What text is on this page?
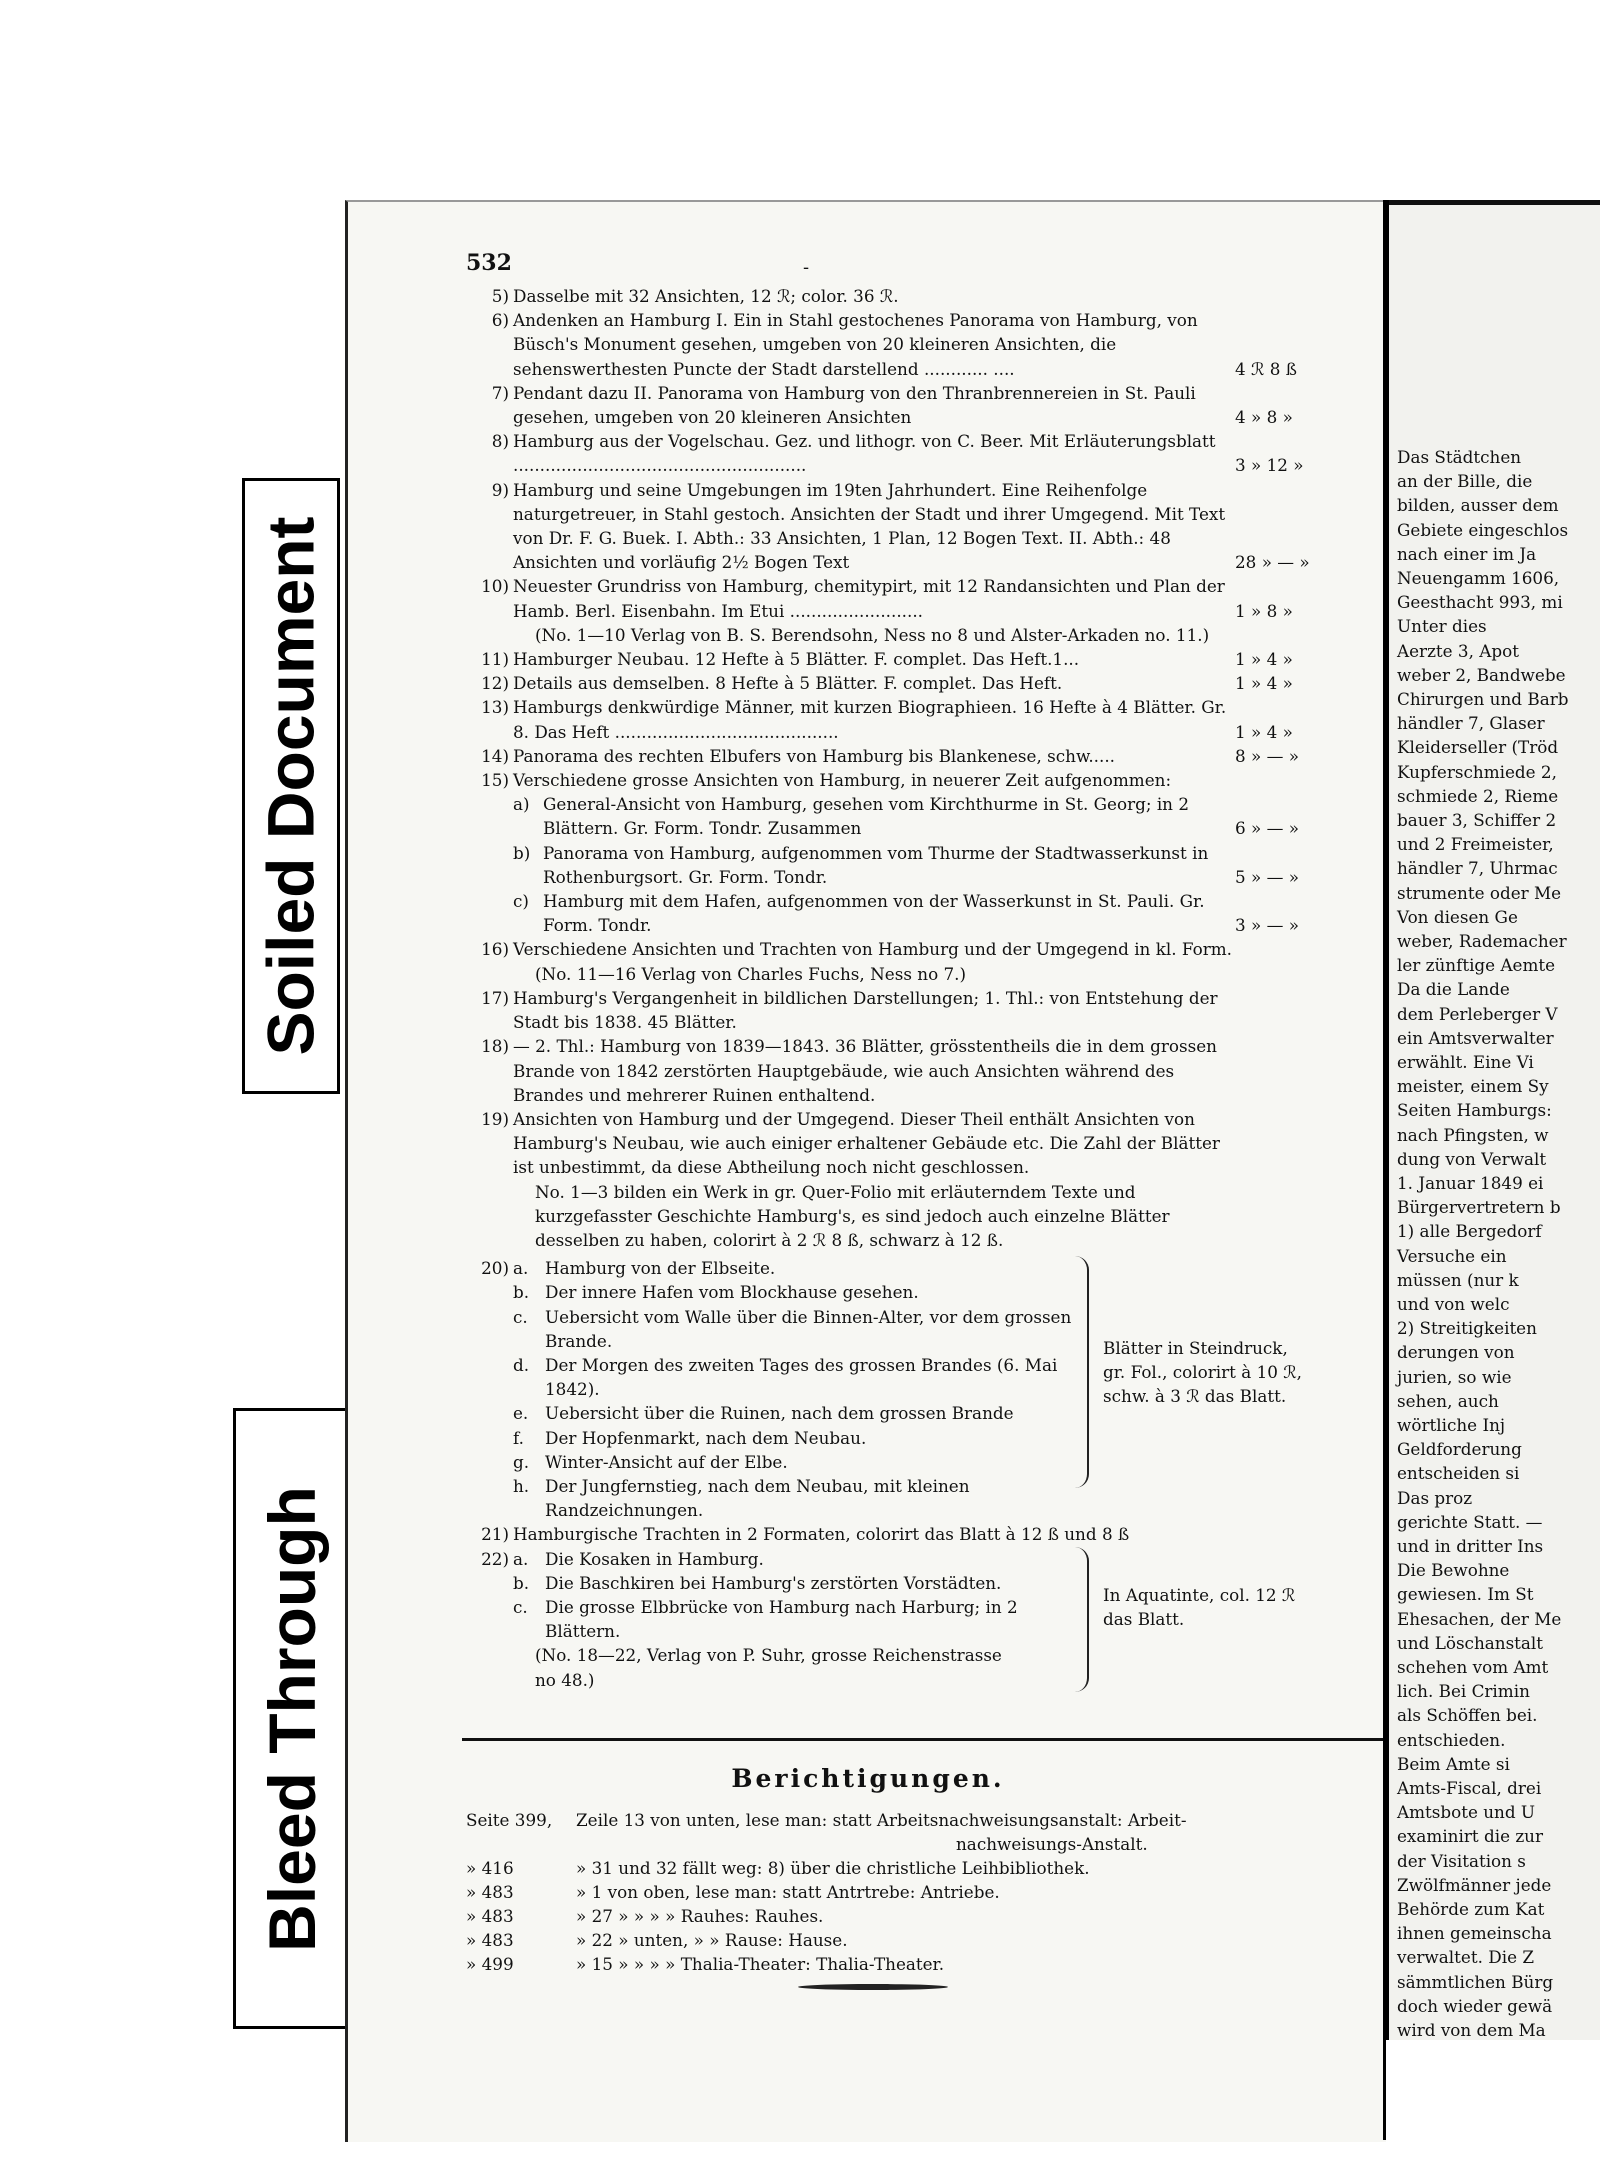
Soiled Document
Bleed Through
532	-
5) Dasselbe mit 32 Ansichten, 12 ℛ; color. 36 ℛ.
6) Andenken an Hamburg I. Ein in Stahl gestochenes Panorama von Hamburg, von Büsch's Monument gesehen, umgeben von 20 kleineren Ansichten, die sehenswerthesten Puncte der Stadt darstellend ............ ....	4 ℛ 8 ß
7) Pendant dazu II. Panorama von Hamburg von den Thranbrennereien in St. Pauli gesehen, umgeben von 20 kleineren Ansichten	4 » 8 »
8) Hamburg aus der Vogelschau. Gez. und lithogr. von C. Beer. Mit Erläuterungsblatt .......................................................	3 » 12 »
9) Hamburg und seine Umgebungen im 19ten Jahrhundert. Eine Reihenfolge naturgetreuer, in Stahl gestoch. Ansichten der Stadt und ihrer Umgegend. Mit Text von Dr. F. G. Buek. I. Abth.: 33 Ansichten, 1 Plan, 12 Bogen Text. II. Abth.: 48 Ansichten und vorläufig 2½ Bogen Text	28 » — »
10) Neuester Grundriss von Hamburg, chemitypirt, mit 12 Randansichten und Plan der Hamb. Berl. Eisenbahn. Im Etui .........................	1 » 8 »
(No. 1—10 Verlag von B. S. Berendsohn, Ness no 8 und Alster-Arkaden no. 11.)
11) Hamburger Neubau. 12 Hefte à 5 Blätter. F. complet. Das Heft.1...	1 » 4 »
12) Details aus demselben. 8 Hefte à 5 Blätter. F. complet. Das Heft.	1 » 4 »
13) Hamburgs denkwürdige Männer, mit kurzen Biographieen. 16 Hefte à 4 Blätter. Gr. 8. Das Heft ..........................................	1 » 4 »
14) Panorama des rechten Elbufers von Hamburg bis Blankenese, schw.....	8 » — »
15) Verschiedene grosse Ansichten von Hamburg, in neuerer Zeit aufgenommen:
a) General-Ansicht von Hamburg, gesehen vom Kirchthurme in St. Georg; in 2 Blättern. Gr. Form. Tondr. Zusammen	6 » — »
b) Panorama von Hamburg, aufgenommen vom Thurme der Stadtwasserkunst in Rothenburgsort. Gr. Form. Tondr.	5 » — »
c) Hamburg mit dem Hafen, aufgenommen von der Wasserkunst in St. Pauli. Gr. Form. Tondr.	3 » — »
16) Verschiedene Ansichten und Trachten von Hamburg und der Umgegend in kl. Form.
(No. 11—16 Verlag von Charles Fuchs, Ness no 7.)
17) Hamburg's Vergangenheit in bildlichen Darstellungen; 1. Thl.: von Entstehung der Stadt bis 1838. 45 Blätter.
18) — 2. Thl.: Hamburg von 1839—1843. 36 Blätter, grösstentheils die in dem grossen Brande von 1842 zerstörten Hauptgebäude, wie auch Ansichten während des Brandes und mehrerer Ruinen enthaltend.
19) Ansichten von Hamburg und der Umgegend. Dieser Theil enthält Ansichten von Hamburg's Neubau, wie auch einiger erhaltener Gebäude etc. Die Zahl der Blätter ist unbestimmt, da diese Abtheilung noch nicht geschlossen.
No. 1—3 bilden ein Werk in gr. Quer-Folio mit erläuterndem Texte und kurzgefasster Geschichte Hamburg's, es sind jedoch auch einzelne Blätter desselben zu haben, colorirt à 2 ℛ 8 ß, schwarz à 12 ß.
20) a. Hamburg von der Elbseite.
b. Der innere Hafen vom Blockhause gesehen.
c. Uebersicht vom Walle über die Binnen-Alter, vor dem grossen Brande.
d. Der Morgen des zweiten Tages des grossen Brandes (6. Mai 1842).
e. Uebersicht über die Ruinen, nach dem grossen Brande
f. Der Hopfenmarkt, nach dem Neubau.
g. Winter-Ansicht auf der Elbe.
h. Der Jungfernstieg, nach dem Neubau, mit kleinen Randzeichnungen.
Blätter in Steindruck, gr. Fol., colorirt à 10 ℛ, schw. à 3 ℛ das Blatt.
21) Hamburgische Trachten in 2 Formaten, colorirt das Blatt à 12 ß und 8 ß
22) a. Die Kosaken in Hamburg.
b. Die Baschkiren bei Hamburg's zerstörten Vorstädten.
c. Die grosse Elbbrücke von Hamburg nach Harburg; in 2 Blättern.
(No. 18—22, Verlag von P. Suhr, grosse Reichenstrasse no 48.)
In Aquatinte, col. 12 ℛ das Blatt.
Berichtigungen.
Seite 399, Zeile 13 von unten, lese man: statt Arbeitsnachweisungsanstalt: Arbeit-
nachweisungs-Anstalt.
» 416	» 31 und 32 fällt weg: 8) über die christliche Leihbibliothek.
» 483	» 1 von oben, lese man: statt Antrtrebe: Antriebe.
» 483	» 27 » » » » Rauhes: Rauhes.
» 483	» 22 » unten, » » Rause: Hause.
» 499	» 15 » » » » Thalia-Theater: Thalia-Theater.
Das Städtchen
an der Bille, die
bilden, ausser dem
Gebiete eingeschlos
nach einer im Ja
Neuengamm 1606,
Geesthacht 993, mi
Unter dies
Aerzte 3, Apot
weber 2, Bandwebe
Chirurgen und Barb
händler 7, Glaser
Kleiderseller (Tröd
Kupferschmiede 2,
schmiede 2, Rieme
bauer 3, Schiffer 2
und 2 Freimeister,
händler 7, Uhrmac
strumente oder Me
Von diesen Ge
weber, Rademacher
ler zünftige Aemte
Da die Lande
dem Perleberger V
ein Amtsverwalter
erwählt. Eine Vi
meister, einem Sy
Seiten Hamburgs:
nach Pfingsten, w
dung von Verwalt
1. Januar 1849 ei
Bürgervertretern b
1) alle Bergedorf
Versuche ein
müssen (nur k
und von welc
2) Streitigkeiten
derungen von
jurien, so wie
sehen, auch
wörtliche Inj
Geldforderung
entscheiden si
Das proz
gerichte Statt. —
und in dritter Ins
Die Bewohne
gewiesen. Im St
Ehesachen, der Me
und Löschanstalt
schehen vom Amt
lich. Bei Crimin
als Schöffen bei.
entschieden.
Beim Amte si
Amts-Fiscal, drei
Amtsbote und U
examinirt die zur
der Visitation s
Zwölfmänner jede
Behörde zum Kat
ihnen gemeinscha
verwaltet. Die Z
sämmtlichen Bürg
doch wieder gewä
wird von dem Ma
